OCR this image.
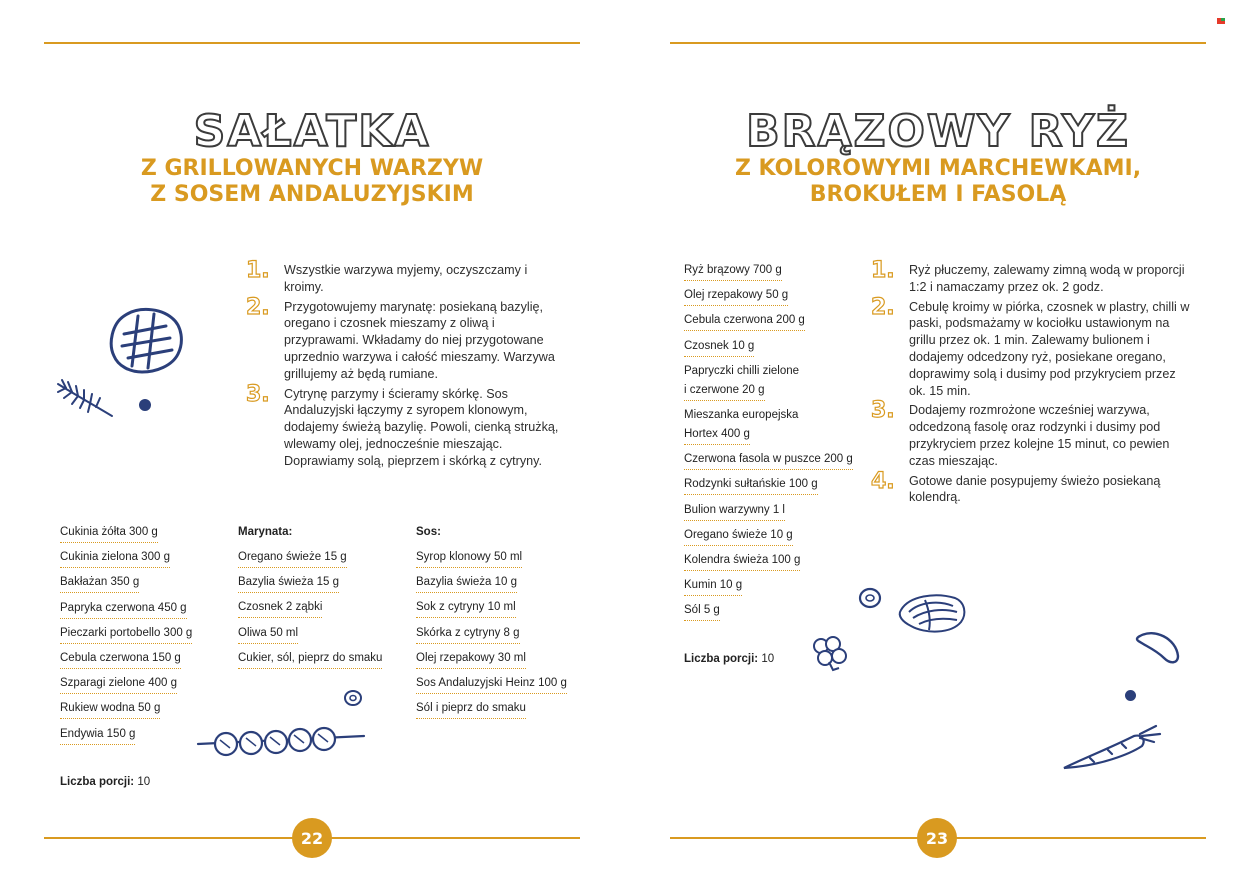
SAŁATKA
Z GRILLOWANYCH WARZYW
Z SOSEM ANDALUZYJSKIM
1.	Wszystkie warzywa myjemy, oczyszczamy i kroimy.
2.	Przygotowujemy marynatę: posiekaną bazylię, oregano i czosnek mieszamy z oliwą i przyprawami. Wkładamy do niej przygotowane uprzednio warzywa i całość mieszamy. Warzywa grillujemy aż będą rumiane.
3.	Cytrynę parzymy i ścieramy skórkę. Sos Andaluzyjski łączymy z syropem klonowym, dodajemy świeżą bazylię. Powoli, cienką strużką, wlewamy olej, jednocześnie mieszając. Doprawiamy solą, pieprzem i skórką z cytryny.
Cukinia żółta 300 g
Cukinia zielona 300 g
Bakłażan 350 g
Papryka czerwona 450 g
Pieczarki portobello 300 g
Cebula czerwona 150 g
Szparagi zielone 400 g
Rukiew wodna 50 g
Endywia 150 g
Marynata:
Oregano świeże 15 g
Bazylia świeża 15 g
Czosnek 2 ząbki
Oliwa 50 ml
Cukier, sól, pieprz do smaku
Sos:
Syrop klonowy 50 ml
Bazylia świeża 10 g
Sok z cytryny 10 ml
Skórka z cytryny 8 g
Olej rzepakowy 30 ml
Sos Andaluzyjski Heinz 100 g
Sól i pieprz do smaku
Liczba porcji: 10
22
BRĄZOWY RYŻ
Z KOLOROWYMI MARCHEWKAMI,
BROKUŁEM I FASOLĄ
Ryż brązowy 700 g
Olej rzepakowy 50 g
Cebula czerwona 200 g
Czosnek 10 g
Papryczki chilli zielone
i czerwone 20 g
Mieszanka europejska
Hortex 400 g
Czerwona fasola w puszce 200 g
Rodzynki sułtańskie 100 g
Bulion warzywny 1 l
Oregano świeże 10 g
Kolendra świeża 100 g
Kumin 10 g
Sól 5 g
Liczba porcji: 10
1.	Ryż płuczemy, zalewamy zimną wodą w proporcji 1:2 i namaczamy przez ok. 2 godz.
2.	Cebulę kroimy w piórka, czosnek w plastry, chilli w paski, podsmażamy w kociołku ustawionym na grillu przez ok. 1 min. Zalewamy bulionem i dodajemy odcedzony ryż, posiekane oregano, doprawimy solą i dusimy pod przykryciem przez ok. 15 min.
3.	Dodajemy rozmrożone wcześniej warzywa, odcedzoną fasolę oraz rodzynki i dusimy pod przykryciem przez kolejne 15 minut, co pewien czas mieszając.
4.	Gotowe danie posypujemy świeżo posiekaną kolendrą.
23
